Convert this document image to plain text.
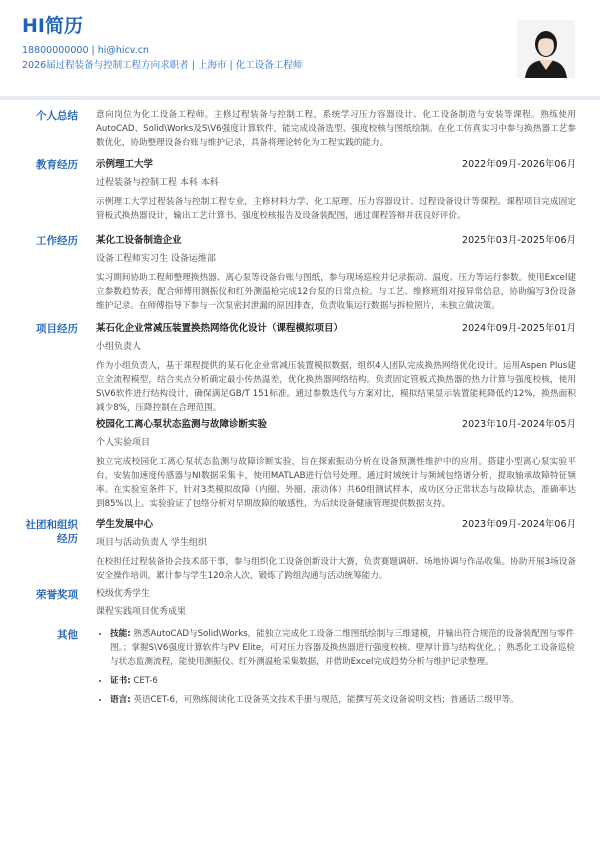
HI简历
18800000000 | hi@hicv.cn
2026届过程装备与控制工程方向求职者 | 上海市 | 化工设备工程师
个人总结 意向岗位为化工设备工程师。主修过程装备与控制工程，系统学习压力容器设计、化工设备制造与安装等课程。熟练使用AutoCAD、Solid\Works及S\V6强度计算软件，能完成设备选型、强度校核与图纸绘制。在化工仿真实习中参与换热器工艺参数优化，协助整理设备台账与维护记录，具备将理论转化为工程实践的能力。
教育经历 示例理工大学	2022年09月-2026年06月
过程装备与控制工程 本科 本科
示例理工大学过程装备与控制工程专业，主修材料力学、化工原理、压力容器设计、过程设备设计等课程。课程项目完成固定管板式换热器设计，输出工艺计算书、强度校核报告及设备装配图，通过课程答辩并获良好评价。
工作经历 某化工设备制造企业	2025年03月-2025年06月
设备工程师实习生 设备运维部
实习期间协助工程师整理换热器、离心泵等设备台账与图纸，参与现场巡检并记录振动、温度、压力等运行参数。使用Excel建立参数趋势表，配合师傅用测振仪和红外测温枪完成12台泵的日常点检。与工艺、维修班组对接异常信息，协助编写3份设备维护记录。在师傅指导下参与一次泵密封泄漏的原因排查，负责收集运行数据与拆检照片，未独立做决策。
项目经历 某石化企业常减压装置换热网络优化设计（课程模拟项目）	2024年09月-2025年01月
小组负责人
作为小组负责人，基于课程提供的某石化企业常减压装置模拟数据，组织4人团队完成换热网络优化设计。运用Aspen Plus建立全流程模型，结合夹点分析确定最小传热温差，优化换热器网络结构。负责固定管板式换热器的热力计算与强度校核，使用S\V6软件进行结构设计，确保满足GB/T 151标准。通过参数迭代与方案对比，模拟结果显示装置能耗降低约12%，换热面积减少8%，压降控制在合理范围。
校园化工离心泵状态监测与故障诊断实验	2023年10月-2024年05月
个人实验项目
独立完成校园化工离心泵状态监测与故障诊断实验，旨在探索振动分析在设备预测性维护中的应用。搭建小型离心泵实验平台，安装加速度传感器与NI数据采集卡，使用MATLAB进行信号处理。通过时域统计与频域包络谱分析，提取轴承故障特征频率。在实验室条件下，针对3类模拟故障（内圈、外圈、滚动体）共60组测试样本，成功区分正常状态与故障状态，准确率达到85%以上。实验验证了包络分析对早期故障的敏感性，为后续设备健康管理提供数据支持。
社团和组织
经历
学生发展中心	2023年09月-2024年06月
项目与活动负责人 学生组织
在校担任过程装备协会技术部干事，参与组织化工设备创新设计大赛，负责赛题调研、场地协调与作品收集。协助开展3场设备安全操作培训，累计参与学生120余人次，锻炼了跨组沟通与活动统筹能力。
荣誉奖项 校级优秀学生
课程实践项目优秀成果
其他
•	技能: 熟悉AutoCAD与Solid\Works，能独立完成化工设备二维图纸绘制与三维建模，并输出符合规范的设备装配图与零件图。；掌握S\V6强度计算软件与PV Elite，可对压力容器及换热器进行强度校核、壁厚计算与结构优化。；熟悉化工设备巡检与状态监测流程，能使用测振仪、红外测温枪采集数据，并借助Excel完成趋势分析与维护记录整理。
• 证书: CET-6
• 语言: 英语CET-6，可熟练阅读化工设备英文技术手册与规范，能撰写英文设备说明文档；普通话二级甲等。
